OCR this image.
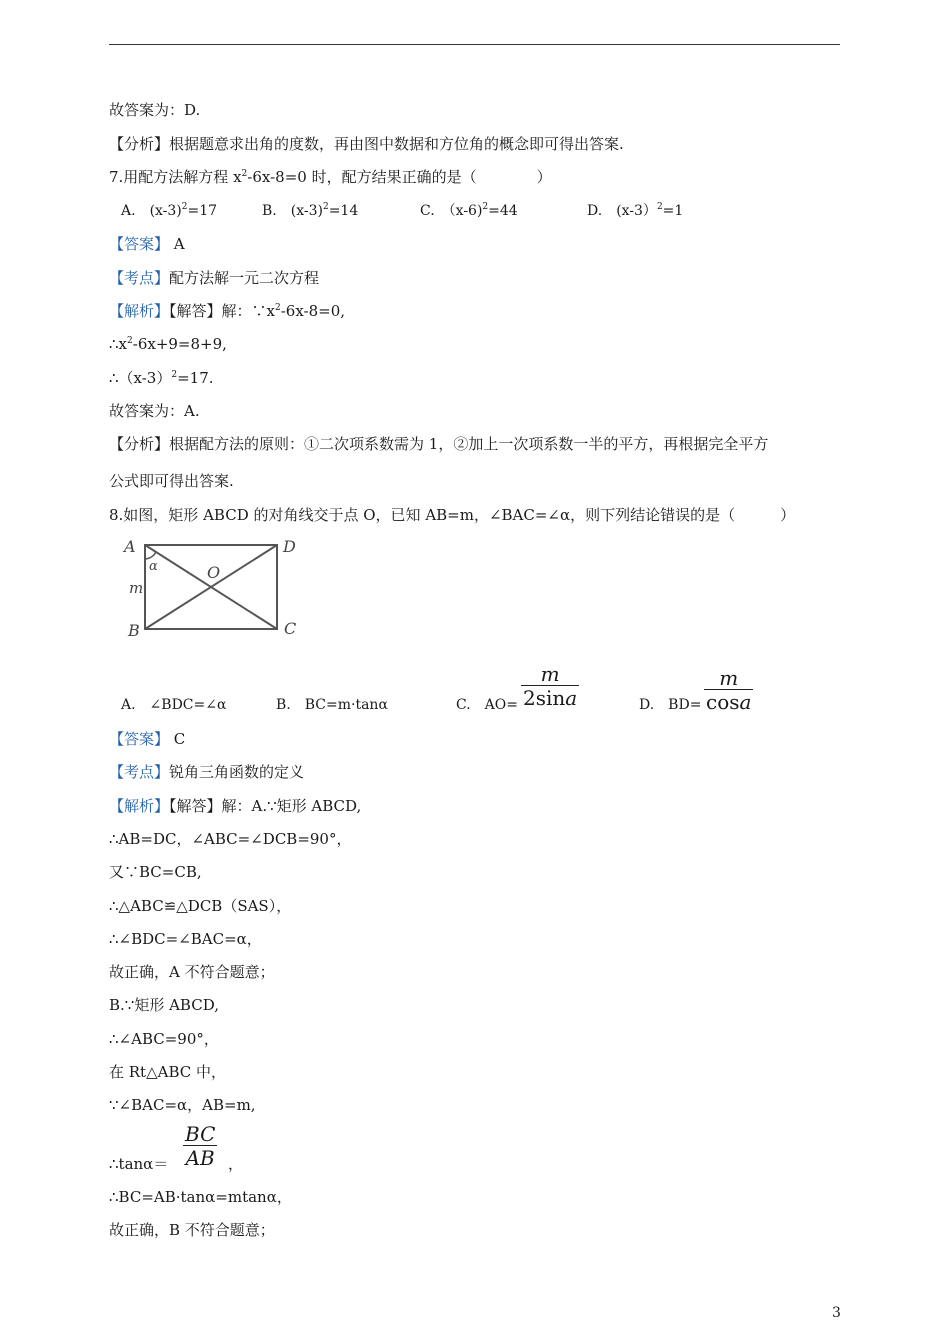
故答案为：D.
【分析】根据题意求出角的度数，再由图中数据和方位角的概念即可得出答案.
7.用配方法解方程 $x^2-6x-8=0$ 时，配方结果正确的是（　　　　）
A.　 $(x-3)^2=17$	B.　 $(x-3)^2=14$	C.　 （x-6)$^2$=44	D.　 (x-3）$^2$=1
【答案】 A
【考点】配方法解一元二次方程
【解析】【解答】解：$\because x^2-6x-8=0$,
$\therefore x^2-6x+9=8+9$,
$\therefore(x-3)^2=17$.
故答案为：A.
【分析】根据配方法的原则：①二次项系数需为 1，②加上一次项系数一半的平方，再根据完全平方
公式即可得出答案.
8.如图，矩形 ABCD 的对角线交于点 O，已知 AB=m，∠BAC=∠α，则下列结论错误的是（　　　）
A	D
B	C
O
m
α
A.　∠BDC=∠α	B.　BC=m·tanα	C.　AO=
m
2sina	D.　BD=
m
cosa
【答案】 C
【考点】锐角三角函数的定义
【解析】【解答】解：A.∵矩形 ABCD,
∴AB=DC，∠ABC=∠DCB=90°，
又∵BC=CB,
∴△ABC≌△DCB（SAS），
∴∠BDC=∠BAC=α，
故正确，A 不符合题意；
B.∵矩形 ABCD,
∴∠ABC=90°，
在 Rt△ABC 中，
∵∠BAC=α，AB=m,
∴tanα＝
BC
AB ，
∴BC=AB·tanα=mtanα，
故正确，B 不符合题意；
3
